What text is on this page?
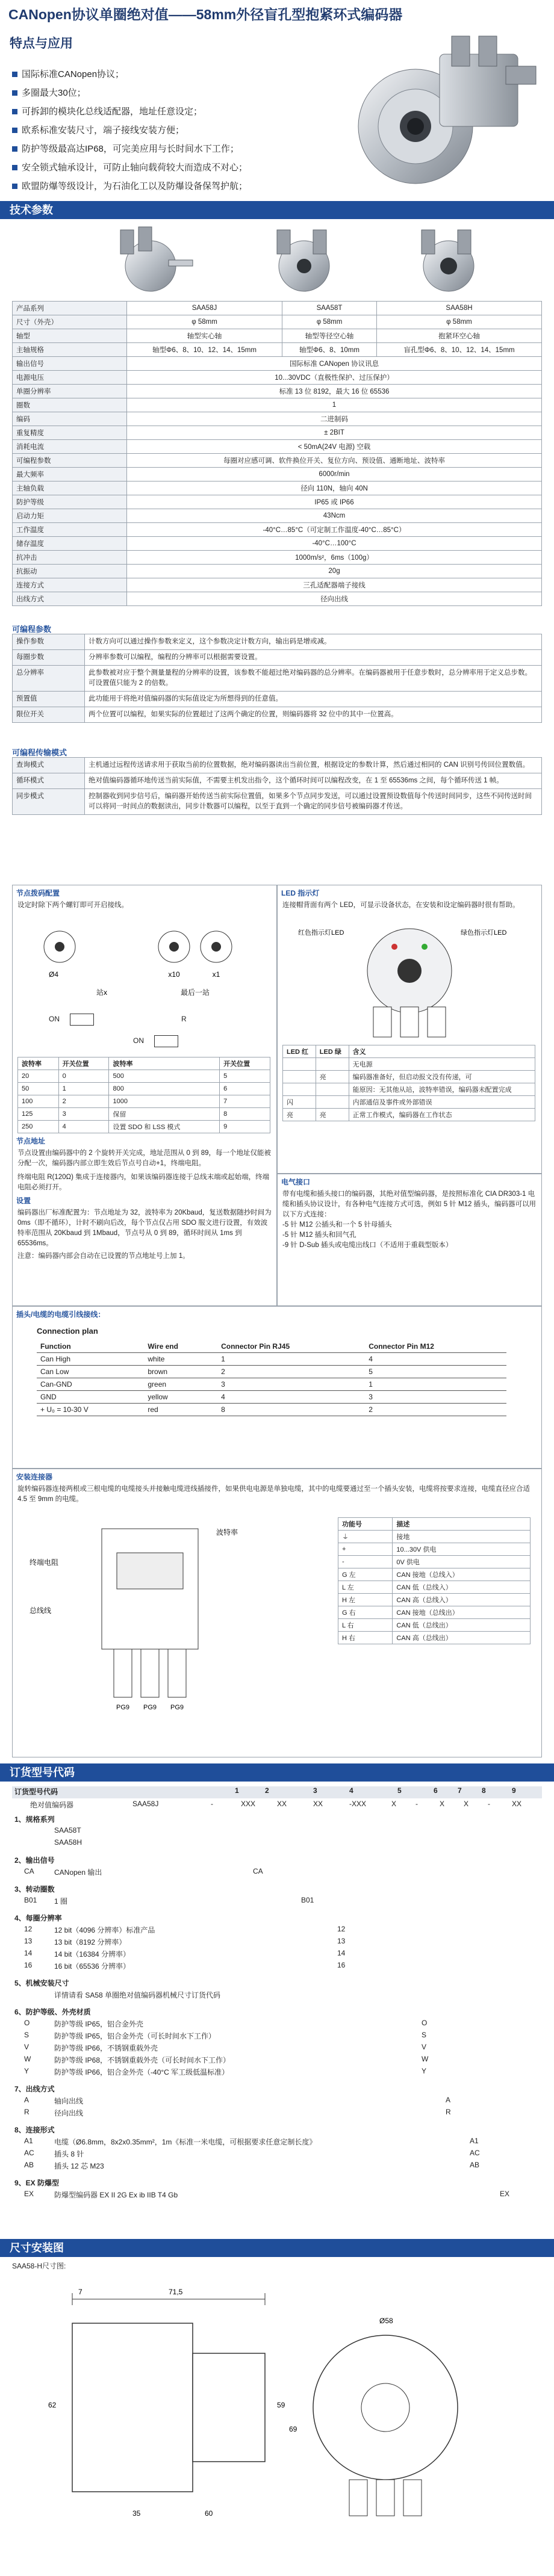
CANopen协议单圈绝对值——58mm外径盲孔型抱紧环式编码器
特点与应用
国际标准CANopen协议；
多圈最大30位；
可拆卸的模块化总线适配器，地址任意设定；
欧系标准安装尺寸，端子接线安装方便；
防护等级最高达IP68，可完美应用与长时间水下工作；
安全锁式轴承设计，可防止轴向载荷较大而造成不对心；
欧盟防爆等级设计，为石油化工以及防爆设备保驾护航；
技术参数
产品系列	SAA58J	SAA58T	SAA58H
尺寸（外壳）	φ 58mm	φ 58mm	φ 58mm
轴型	轴型实心轴	轴型等径空心轴	抱紧环空心轴
主轴规格	轴型Φ6、8、10、12、14、15mm	轴型Φ6、8、10mm	盲孔型Φ6、8、10、12、14、15mm
输出信号	国际标准 CANopen 协议讯息		
电源电压	10...30VDC（直极性保护、过压保护）		
单圈分辨率	标准 13 位 8192，最大 16 位 65536		
圈数	1		
编码	二进制码		
重复精度	± 2BIT		
消耗电流	< 50mA(24V 电源) 空载		
可编程参数	每圈对应感可调、软件换位开关、复位方向、预设值、通断地址、波特率		
最大频率	6000r/min		
主轴负载	径向 110N，轴向 40N		
防护等级	IP65 或 IP66		
启动力矩	43Ncm		
工作温度	-40°C…85°C（可定制工作温度-40°C…85°C）		
储存温度	-40°C…100°C		
抗冲击	1000m/s²，6ms（100g）		
抗振动	20g		
连接方式	三孔适配器端子接线		
出线方式	径向出线		
可编程参数
操作参数	计数方向可以通过操作参数来定义，这个参数决定计数方向，输出码是增或减。
每圈步数	分辨率参数可以编程，编程的分辨率可以根据需要设置。
总分辨率	此参数被对应于整个测量量程的分辨率的设置，该参数不能超过绝对编码器的总分辨率。在编码器被用于任意步数时，总分辨率用于定义总步数。可设置值只能为 2 的倍数。
预置值	此功能用于将绝对值编码器的实际值设定为所想得到的任意值。
限位开关	两个位置可以编程，如果实际的位置超过了这两个确定的位置，则编码器将 32 位中的其中一位置高。
可编程传输模式
查询模式	主机通过远程传送请求用于获取当前的位置数据，绝对编码器读出当前位置，根据设定的参数计算，然后通过相同的 CAN 识别号传回位置数值。
循环模式	绝对值编码器循环地传送当前实际值，不需要主机发出指令，这个循环时间可以编程改变，在 1 至 65536ms 之间，每个循环传送 1 帧。
同步模式	控制器收到同步信号后，编码器开始传送当前实际位置值，如果多个节点同步发送，可以通过设置预设数值每个传送时间同步，这些不同传送时间可以将同一时间点的数据读出，同步计数器可以编程，以至于直到一个确定的同步信号被编码器才传送。
节点拨码配置
设定时除下两个螺钉即可开启接线。
Ø4	x10	x1
站x	最后一站
ON	R
ON
波特率	开关位置	波特率	开关位置
20	0	500	5
50	1	800	6
100	2	1000	7
125	3	保留	8
250	4	设置 SDO 和 LSS 模式	9
节点地址
节点设置由编码器中的 2 个旋转开关完成，地址范围从 0 到 89，每一个地址仅能被分配一次，编码器内部立即生效后节点号自动+1，终端电阻。
终端电阻 R(120Ω) 集成于连接器内，如果该编码器连接于总线末端或起始端，终端电阻必须打开。
设置
编码器出厂标准配置为：节点地址为 32，波特率为 20Kbaud，复送数据随抄时间为 0ms（即不循环），计时不刷向后改，每个节点仅占用 SDO 服文进行设置，有效波特率范围从 20Kbaud 到 1Mbaud，节点号从 0 到 89，循环时间从 1ms 到 65536ms。
注意：编码器内部会自动在已设置的节点地址号上加 1。
LED 指示灯
连接帽背面有两个 LED，可显示设备状态，在安装和设定编码器时很有帮助。
红色指示灯LED	绿色指示灯LED
LED 红	LED 绿	含义
		无电源
	亮	编码器准备好，但启动报文没有传递，可
		能原因：无其他从站，波特率错误，编码器未配置完成
闪		内部通信及事件或外部错误
亮	亮	正常工作模式，编码器在工作状态
电气接口
带有电缆和插头接口的编码器，其绝对值型编码器，是按照标准化 CIA DR303-1 电缆和插头协议设计，有各种电气连接方式可选，例如 5 针 M12 插头，编码器可以用以下方式连接：
-5 针 M12 公插头和一个 5 针母插头
-5 针 M12 插头和回气孔
-9 针 D-Sub 插头或电缆出线口（不适用于重载型版本）
插头/电缆的电缆引线接线：
Connection plan
Function	Wire end	Connector Pin RJ45	Connector Pin M12
Can High	white	1	4
Can Low	brown	2	5
Can-GND	green	3	1
GND	yellow	4	3
+ U₀ = 10-30 V	red	8	2
安装连接器
旋转编码器连接两根或三根电缆的电缆接头并接触电缆进线插接件，如果供电电源是单独电缆，其中的电缆要通过至一个插头安装，电缆将按要求连接，电缆直径应合适 4.5 至 9mm 的电缆。
波特率
终端电阻
总线线
PG9 PG9 PG9
功能号	描述
⏚	接地
+	10...30V 供电
-	0V 供电
G 左	CAN 接地（总线入）
L 左	CAN 低（总线入）
H 左	CAN 高（总线入）
G 右	CAN 接地（总线出）
L 右	CAN 低（总线出）
H 右	CAN 高（总线出）
订货型号代码
订货型号代码	1	2	3	4	5	6	7	8	9
绝对值编码器	SAA58J	-	XXX	XX	XX	-XXX	X	-	X	X	-	XX
1、规格系列
SAA58T
SAA58H
2、输出信号
CA	CANopen 输出	CA
3、转动圈数
B01 1 圈	B01
4、每圈分辨率
12	12 bit（4096 分辨率）标准产品	12
13	13 bit（8192 分辨率）	13
14	14 bit（16384 分辨率）	14
16	16 bit（65536 分辨率）	16
5、机械安装尺寸
详情请看 SA58 单圈绝对值编码器机械尺寸订货代码
6、防护等级、外壳材质
O	防护等级 IP65，铝合金外壳	O
S	防护等级 IP65，铝合金外壳（可长时间水下工作）	S
V	防护等级 IP66，不锈钢重载外壳	V
W	防护等级 IP68，不锈钢重载外壳（可长时间水下工作）	W
Y	防护等级 IP66，铝合金外壳（-40°C 军工级低温标准）	Y
7、出线方式
A	轴向出线	A
R	径向出线	R
8、连接形式
A1	电缆（Ø6.8mm，8x2x0.35mm²，1m《标准一米电缆，可根据要求任意定制长度》	A1
AC	插头 8 针	AC
AB	插头 12 芯 M23	AB
9、EX 防爆型
EX	防爆型编码器 EX II 2G Ex ib IIB T4 Gb	EX
尺寸安装图
SAA58-H尺寸图:
7	71,5
35
62
60
59
69
Ø58
